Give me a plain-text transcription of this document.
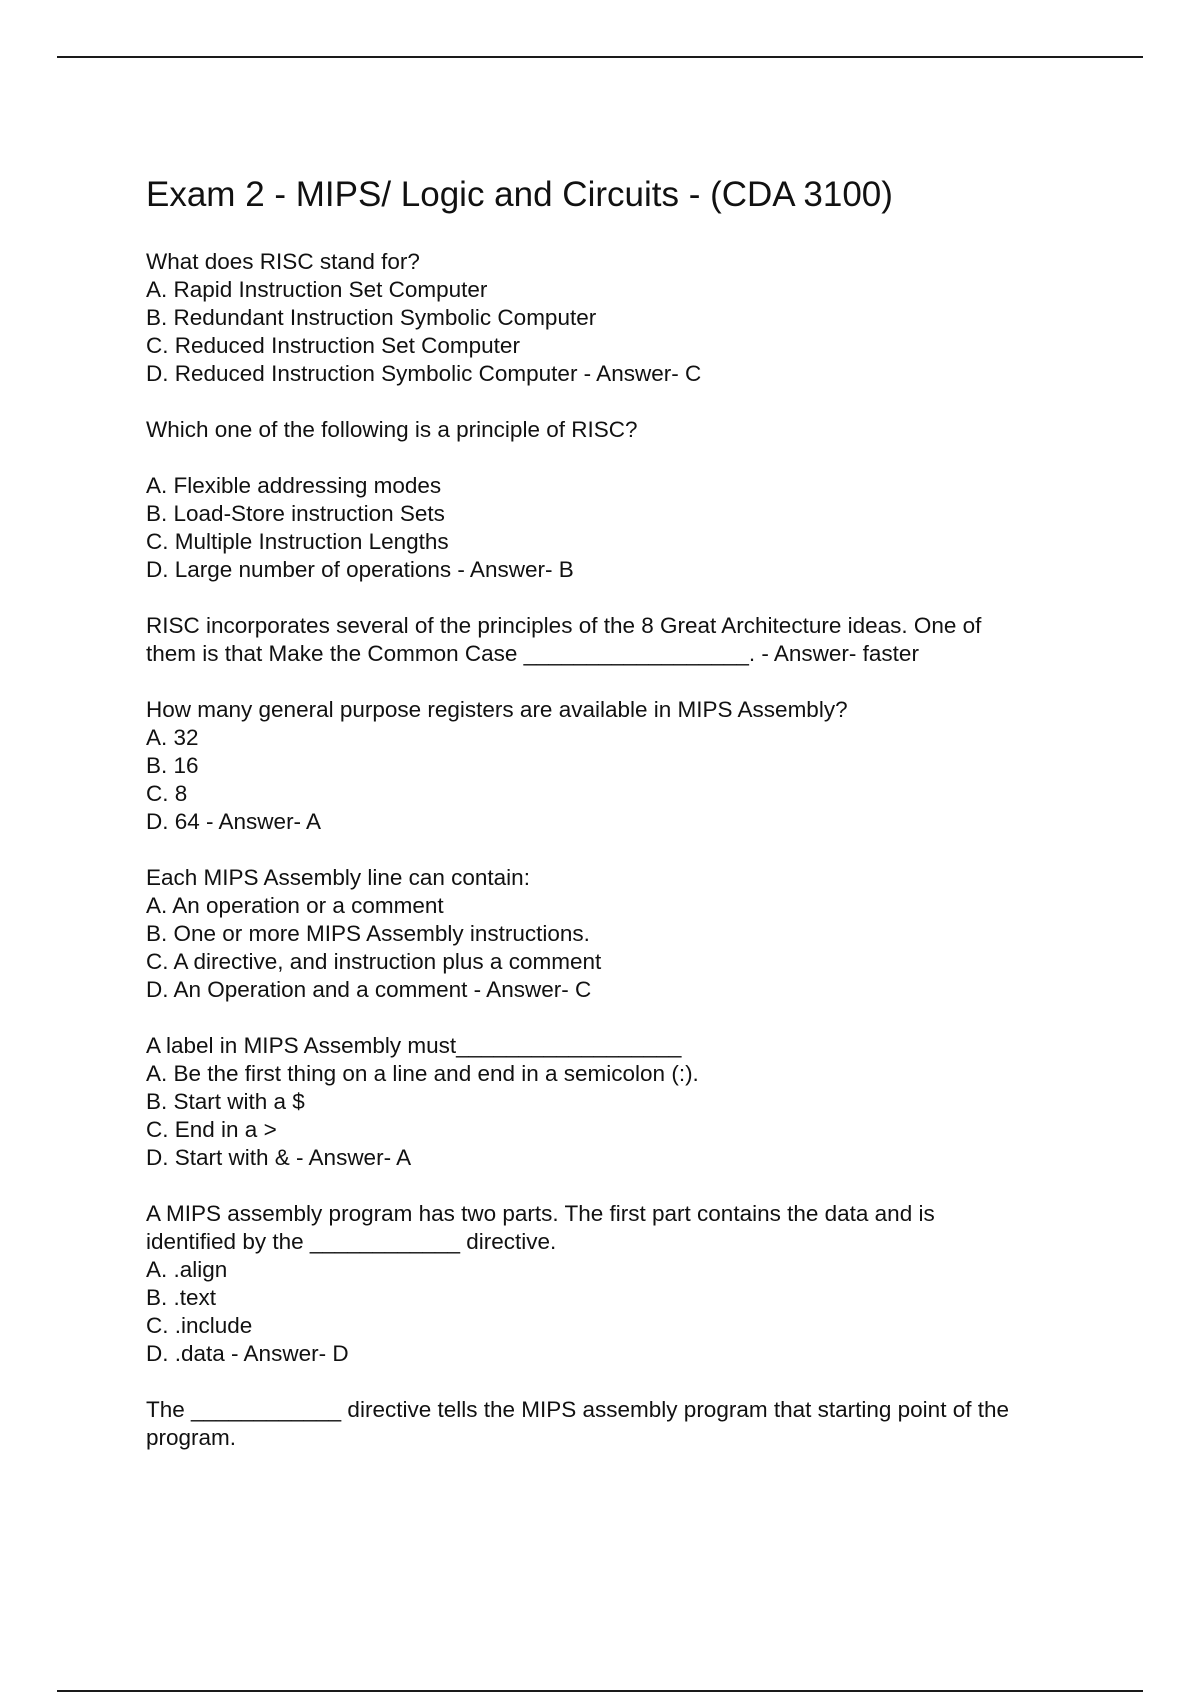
Exam 2 - MIPS/ Logic and Circuits - (CDA 3100)
What does RISC stand for?
A. Rapid Instruction Set Computer
B. Redundant Instruction Symbolic Computer
C. Reduced Instruction Set Computer
D. Reduced Instruction Symbolic Computer - Answer- C
Which one of the following is a principle of RISC?
A. Flexible addressing modes
B. Load-Store instruction Sets
C. Multiple Instruction Lengths
D. Large number of operations - Answer- B
RISC incorporates several of the principles of the 8 Great Architecture ideas. One of
them is that Make the Common Case __________________. - Answer- faster
How many general purpose registers are available in MIPS Assembly?
A. 32
B. 16
C. 8
D. 64 - Answer- A
Each MIPS Assembly line can contain:
A. An operation or a comment
B. One or more MIPS Assembly instructions.
C. A directive, and instruction plus a comment
D. An Operation and a comment - Answer- C
A label in MIPS Assembly must__________________
A. Be the first thing on a line and end in a semicolon (:).
B. Start with a $
C. End in a >
D. Start with & - Answer- A
A MIPS assembly program has two parts. The first part contains the data and is
identified by the ____________ directive.
A. .align
B. .text
C. .include
D. .data - Answer- D
The ____________ directive tells the MIPS assembly program that starting point of the
program.
